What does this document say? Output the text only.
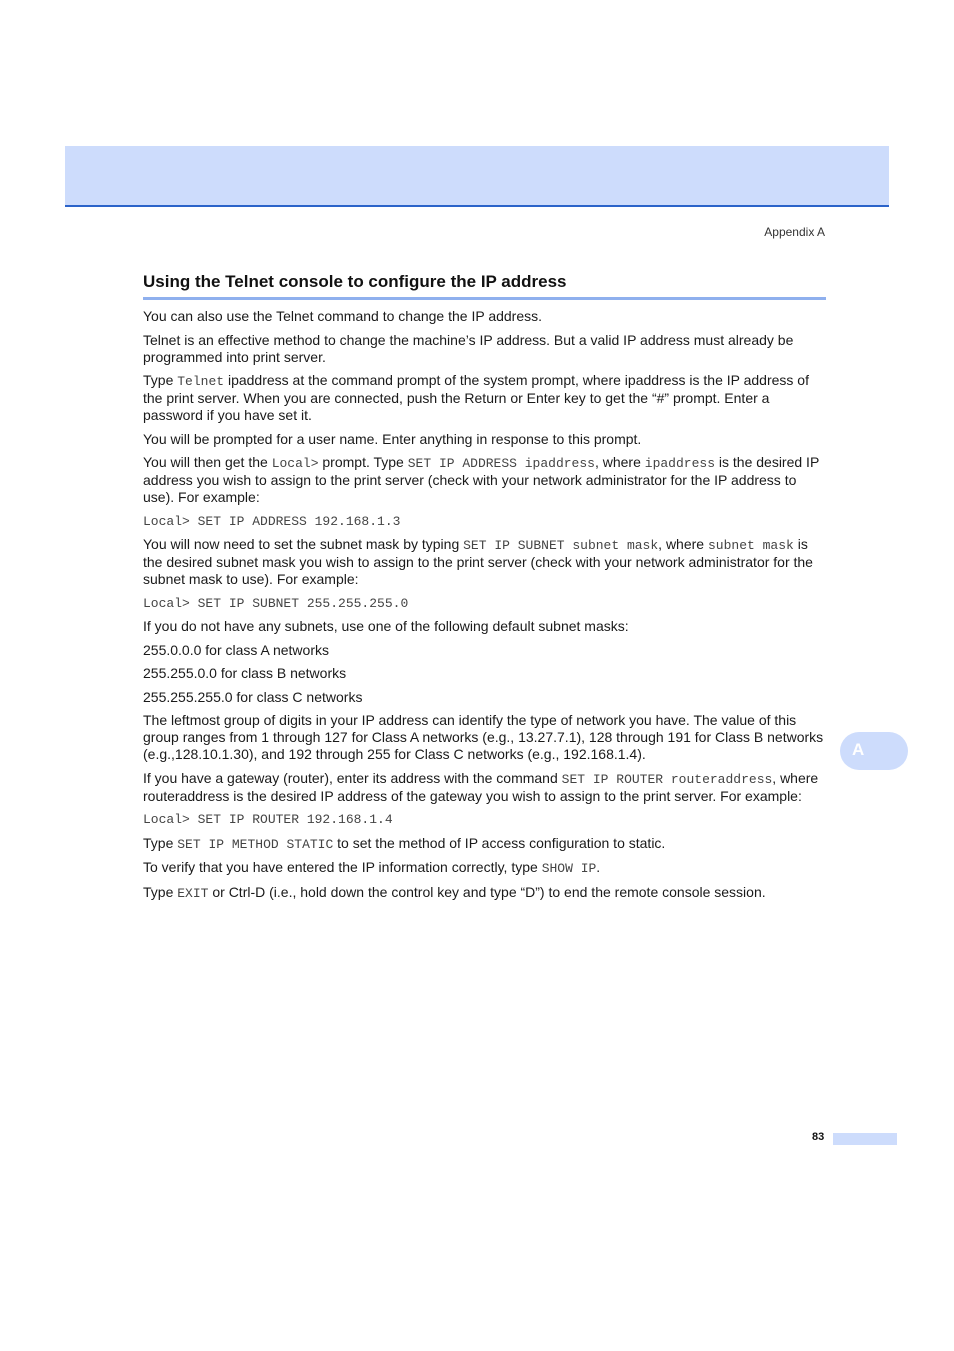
Appendix A
Using the Telnet console to configure the IP address

You can also use the Telnet command to change the IP address.

Telnet is an effective method to change the machine’s IP address. But a valid IP address must already be programmed into print server.

Type Telnet ipaddress at the command prompt of the system prompt, where ipaddress is the IP address of the print server. When you are connected, push the Return or Enter key to get the “#” prompt. Enter a password if you have set it.

You will be prompted for a user name. Enter anything in response to this prompt.

You will then get the Local> prompt. Type SET IP ADDRESS ipaddress, where ipaddress is the desired IP address you wish to assign to the print server (check with your network administrator for the IP address to use). For example:

Local> SET IP ADDRESS 192.168.1.3

You will now need to set the subnet mask by typing SET IP SUBNET subnet mask, where subnet mask is the desired subnet mask you wish to assign to the print server (check with your network administrator for the subnet mask to use). For example:

Local> SET IP SUBNET 255.255.255.0

If you do not have any subnets, use one of the following default subnet masks:

255.0.0.0 for class A networks

255.255.0.0 for class B networks

255.255.255.0 for class C networks

The leftmost group of digits in your IP address can identify the type of network you have. The value of this group ranges from 1 through 127 for Class A networks (e.g., 13.27.7.1), 128 through 191 for Class B networks (e.g.,128.10.1.30), and 192 through 255 for Class C networks (e.g., 192.168.1.4).

If you have a gateway (router), enter its address with the command SET IP ROUTER routeraddress, where routeraddress is the desired IP address of the gateway you wish to assign to the print server. For example:

Local> SET IP ROUTER 192.168.1.4

Type SET IP METHOD STATIC to set the method of IP access configuration to static.

To verify that you have entered the IP information correctly, type SHOW IP.

Type EXIT or Ctrl-D (i.e., hold down the control key and type “D”) to end the remote console session.

A
83
